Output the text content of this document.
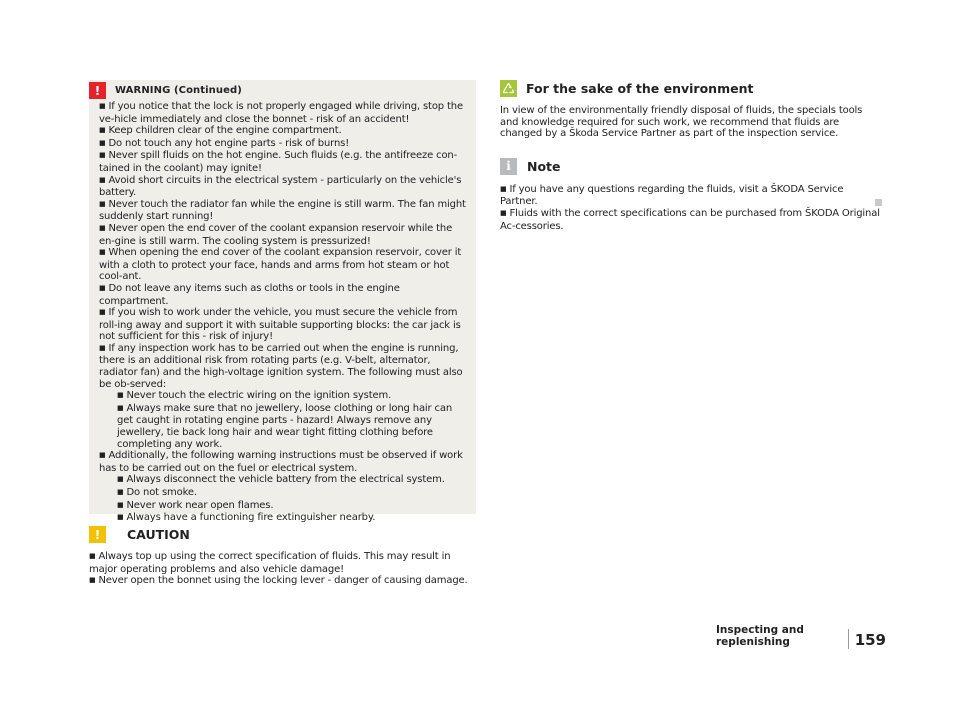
!	WARNING (Continued)

■ If you notice that the lock is not properly engaged while driving, stop the ve-hicle immediately and close the bonnet - risk of an accident!
■ Keep children clear of the engine compartment.
■ Do not touch any hot engine parts - risk of burns!
■ Never spill fluids on the hot engine. Such fluids (e.g. the antifreeze con-tained in the coolant) may ignite!
■ Avoid short circuits in the electrical system - particularly on the vehicle's battery.
■ Never touch the radiator fan while the engine is still warm. The fan might suddenly start running!
■ Never open the end cover of the coolant expansion reservoir while the en-gine is still warm. The cooling system is pressurized!
■ When opening the end cover of the coolant expansion reservoir, cover it with a cloth to protect your face, hands and arms from hot steam or hot cool-ant.
■ Do not leave any items such as cloths or tools in the engine compartment.
■ If you wish to work under the vehicle, you must secure the vehicle from roll-ing away and support it with suitable supporting blocks: the car jack is not sufficient for this - risk of injury!
■ If any inspection work has to be carried out when the engine is running, there is an additional risk from rotating parts (e.g. V-belt, alternator, radiator fan) and the high-voltage ignition system. The following must also be ob-served:
■ Never touch the electric wiring on the ignition system.
■ Always make sure that no jewellery, loose clothing or long hair can get caught in rotating engine parts - hazard! Always remove any jewellery, tie back long hair and wear tight fitting clothing before completing any work.
■ Additionally, the following warning instructions must be observed if work has to be carried out on the fuel or electrical system.
■ Always disconnect the vehicle battery from the electrical system.
■ Do not smoke.
■ Never work near open flames.
■ Always have a functioning fire extinguisher nearby.

!	CAUTION

■ Always top up using the correct specification of fluids. This may result in major operating problems and also vehicle damage!
■ Never open the bonnet using the locking lever - danger of causing damage.

For the sake of the environment

In view of the environmentally friendly disposal of fluids, the specials tools and knowledge required for such work, we recommend that fluids are changed by a Škoda Service Partner as part of the inspection service.

i	Note

■ If you have any questions regarding the fluids, visit a ŠKODA Service Partner.
■ Fluids with the correct specifications can be purchased from ŠKODA Original Ac-cessories.

Inspecting and replenishing	159
